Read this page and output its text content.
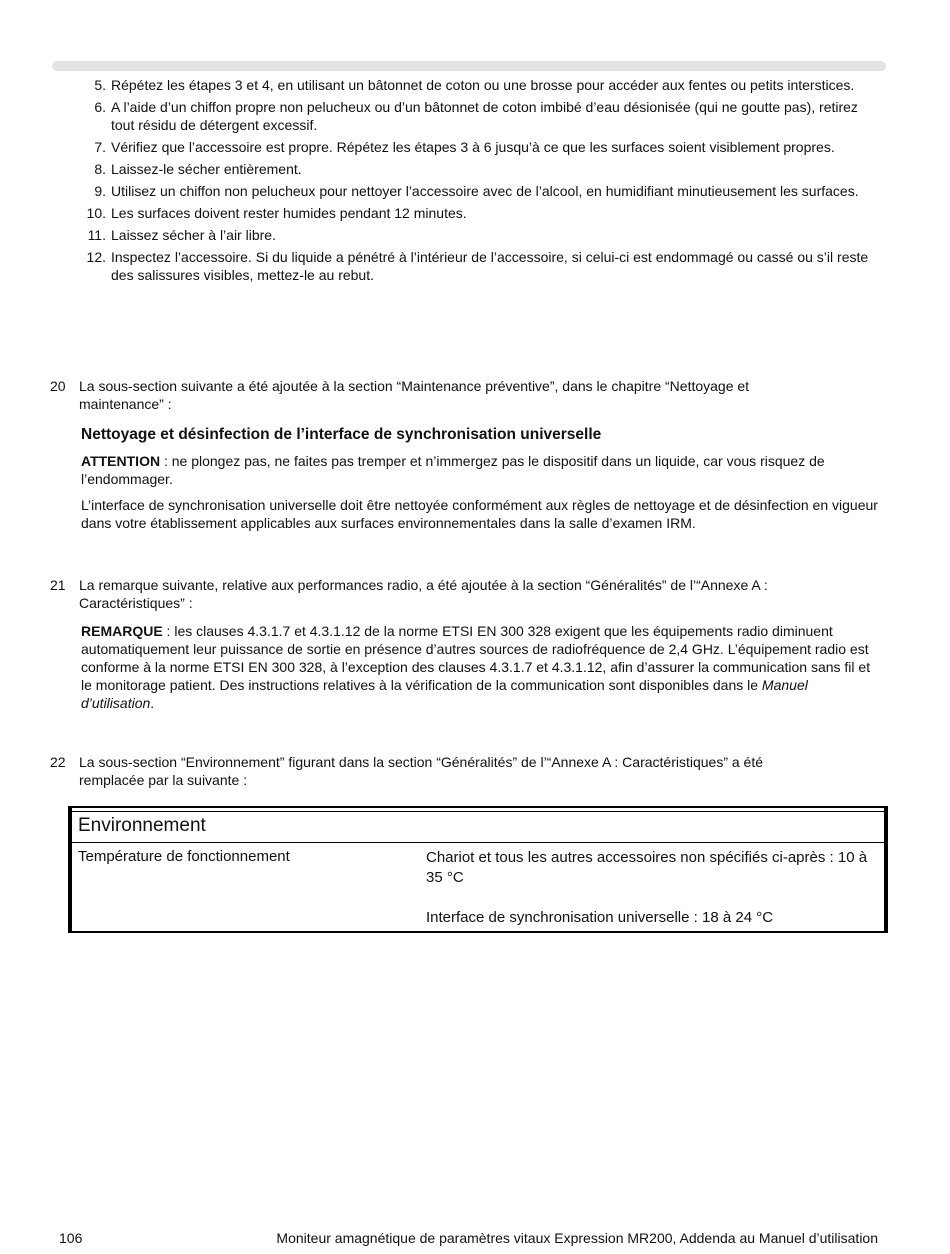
5. Répétez les étapes 3 et 4, en utilisant un bâtonnet de coton ou une brosse pour accéder aux fentes ou petits interstices.
6. A l’aide d’un chiffon propre non pelucheux ou d’un bâtonnet de coton imbibé d’eau désionisée (qui ne goutte pas), retirez tout résidu de détergent excessif.
7. Vérifiez que l’accessoire est propre. Répétez les étapes 3 à 6 jusqu’à ce que les surfaces soient visiblement propres.
8. Laissez-le sécher entièrement.
9. Utilisez un chiffon non pelucheux pour nettoyer l’accessoire avec de l’alcool, en humidifiant minutieusement les surfaces.
10. Les surfaces doivent rester humides pendant 12 minutes.
11. Laissez sécher à l’air libre.
12. Inspectez l’accessoire. Si du liquide a pénétré à l’intérieur de l’accessoire, si celui-ci est endommagé ou cassé ou s’il reste des salissures visibles, mettez-le au rebut.
20 La sous-section suivante a été ajoutée à la section “Maintenance préventive”, dans le chapitre “Nettoyage et maintenance” :
Nettoyage et désinfection de l’interface de synchronisation universelle
ATTENTION : ne plongez pas, ne faites pas tremper et n’immergez pas le dispositif dans un liquide, car vous risquez de l’endommager.
L’interface de synchronisation universelle doit être nettoyée conformément aux règles de nettoyage et de désinfection en vigueur dans votre établissement applicables aux surfaces environnementales dans la salle d’examen IRM.
21 La remarque suivante, relative aux performances radio, a été ajoutée à la section “Généralités” de l’“Annexe A : Caractéristiques” :
REMARQUE : les clauses 4.3.1.7 et 4.3.1.12 de la norme ETSI EN 300 328 exigent que les équipements radio diminuent automatiquement leur puissance de sortie en présence d’autres sources de radiofréquence de 2,4 GHz. L’équipement radio est conforme à la norme ETSI EN 300 328, à l’exception des clauses 4.3.1.7 et 4.3.1.12, afin d’assurer la communication sans fil et le monitorage patient. Des instructions relatives à la vérification de la communication sont disponibles dans le Manuel d’utilisation.
22 La sous-section “Environnement” figurant dans la section “Généralités” de l’“Annexe A : Caractéristiques” a été remplacée par la suivante :
Environnement
Température de fonctionnement	Chariot et tous les autres accessoires non spécifiés ci-après : 10 à 35 °C
Interface de synchronisation universelle : 18 à 24 °C
106	Moniteur amagnétique de paramètres vitaux Expression MR200, Addenda au Manuel d’utilisation
